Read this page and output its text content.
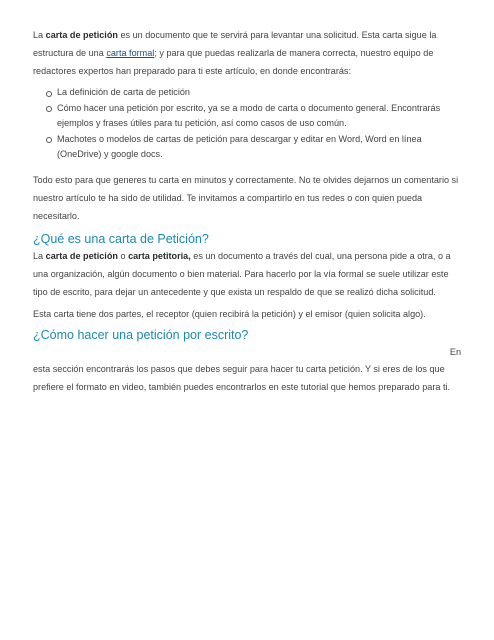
La carta de petición es un documento que te servirá para levantar una solicitud. Esta carta sigue la estructura de una carta formal; y para que puedas realizarla de manera correcta, nuestro equipo de redactores expertos han preparado para ti este artículo, en donde encontrarás:

La definición de carta de petición
Cómo hacer una petición por escrito, ya se a modo de carta o documento general. Encontrarás ejemplos y frases útiles para tu petición, así como casos de uso común.
Machotes o modelos de cartas de petición para descargar y editar en Word, Word en línea (OneDrive) y google docs.

Todo esto para que generes tu carta en minutos y correctamente. No te olvides dejarnos un comentario si nuestro artículo te ha sido de utilidad. Te invitamos a compartirlo en tus redes o con quien pueda necesitarlo.

¿Qué es una carta de Petición?

La carta de petición o carta petitoria, es un documento a través del cual, una persona pide a otra, o a una organización, algún documento o bien material. Para hacerlo por la vía formal se suele utilizar este tipo de escrito, para dejar un antecedente y que exista un respaldo de que se realizó dicha solicitud.

Esta carta tiene dos partes, el receptor (quien recibirá la petición) y el emisor (quien solicita algo).

¿Cómo hacer una petición por escrito?
En

esta sección encontrarás los pasos que debes seguir para hacer tu carta petición. Y si eres de los que prefiere el formato en video, también puedes encontrarlos en este tutorial que hemos preparado para ti.
